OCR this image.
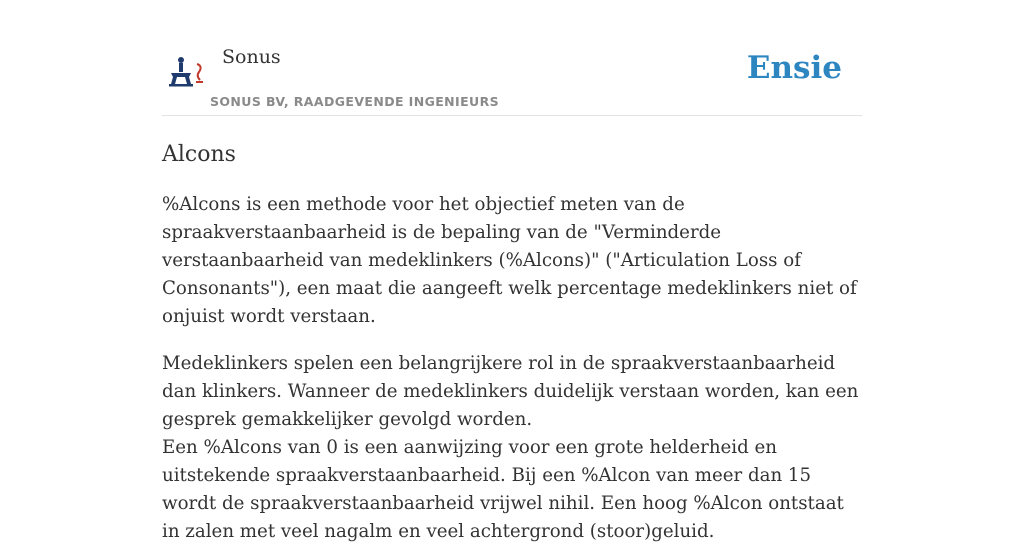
Sonus
SONUS BV, RAADGEVENDE INGENIEURS
Ensie
Alcons

%Alcons is een methode voor het objectief meten van de spraakverstaanbaarheid is de bepaling van de "Verminderde verstaanbaarheid van medeklinkers (%Alcons)" ("Articulation Loss of Consonants"), een maat die aangeeft welk percentage medeklinkers niet of onjuist wordt verstaan.

Medeklinkers spelen een belangrijkere rol in de spraakverstaanbaarheid dan klinkers. Wanneer de medeklinkers duidelijk verstaan worden, kan een gesprek gemakkelijker gevolgd worden.
Een %Alcons van 0 is een aanwijzing voor een grote helderheid en uitstekende spraakverstaanbaarheid. Bij een %Alcon van meer dan 15 wordt de spraakverstaanbaarheid vrijwel nihil. Een hoog %Alcon ontstaat in zalen met veel nagalm en veel achtergrond (stoor)geluid.
